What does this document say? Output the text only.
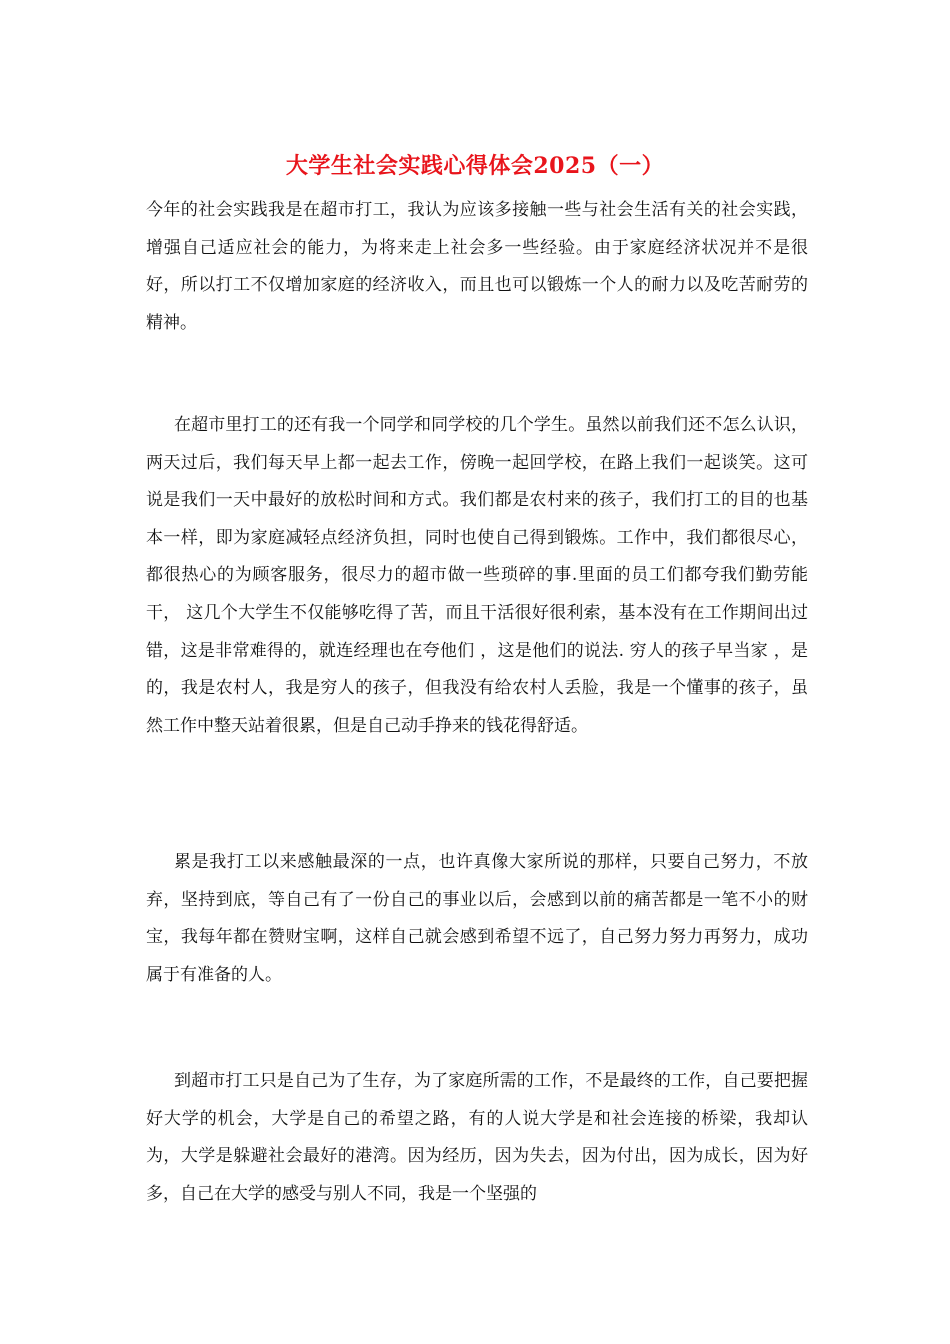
大学生社会实践心得体会2025（一）

今年的社会实践我是在超市打工，我认为应该多接触一些与社会生活有关的社会实践，增强自己适应社会的能力，为将来走上社会多一些经验。由于家庭经济状况并不是很好，所以打工不仅增加家庭的经济收入，而且也可以锻炼一个人的耐力以及吃苦耐劳的精神。

在超市里打工的还有我一个同学和同学校的几个学生。虽然以前我们还不怎么认识，两天过后，我们每天早上都一起去工作，傍晚一起回学校，在路上我们一起谈笑。这可说是我们一天中最好的放松时间和方式。我们都是农村来的孩子，我们打工的目的也基本一样，即为家庭减轻点经济负担，同时也使自己得到锻炼。工作中，我们都很尽心，都很热心的为顾客服务，很尽力的超市做一些琐碎的事.里面的员工们都夸我们勤劳能干， 这几个大学生不仅能够吃得了苦，而且干活很好很利索，基本没有在工作期间出过错，这是非常难得的，就连经理也在夸他们 ，这是他们的说法. 穷人的孩子早当家 ，是的，我是农村人，我是穷人的孩子，但我没有给农村人丢脸，我是一个懂事的孩子，虽然工作中整天站着很累，但是自己动手挣来的钱花得舒适。

累是我打工以来感触最深的一点，也许真像大家所说的那样，只要自己努力，不放弃，坚持到底，等自己有了一份自己的事业以后，会感到以前的痛苦都是一笔不小的财宝，我每年都在赞财宝啊，这样自己就会感到希望不远了，自己努力努力再努力，成功属于有准备的人。

到超市打工只是自己为了生存，为了家庭所需的工作，不是最终的工作，自己要把握好大学的机会，大学是自己的希望之路，有的人说大学是和社会连接的桥梁，我却认为，大学是躲避社会最好的港湾。因为经历，因为失去，因为付出，因为成长，因为好多，自己在大学的感受与别人不同，我是一个坚强的
